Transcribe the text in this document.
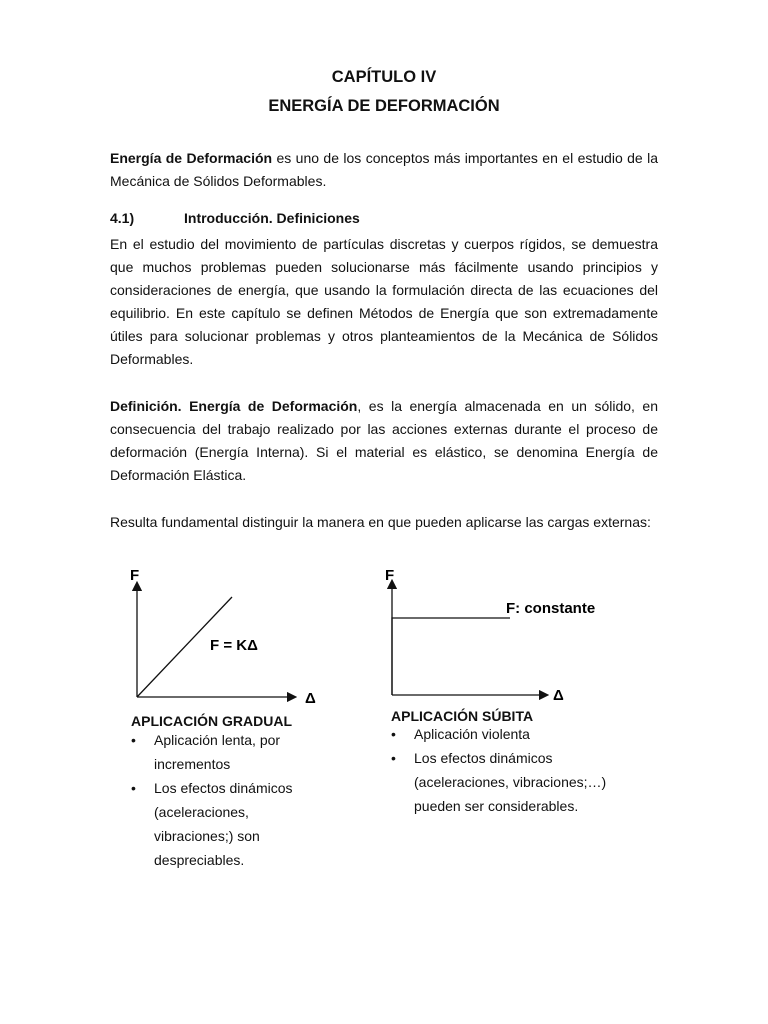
CAPÍTULO IV
ENERGÍA DE DEFORMACIÓN
Energía de Deformación es uno de los conceptos más importantes en el estudio de la Mecánica de Sólidos Deformables.
4.1)	Introducción. Definiciones
En el estudio del movimiento de partículas discretas y cuerpos rígidos, se demuestra que muchos problemas pueden solucionarse más fácilmente usando principios y consideraciones de energía, que usando la formulación directa de las ecuaciones del equilibrio. En este capítulo se definen Métodos de Energía que son extremadamente útiles para solucionar problemas y otros planteamientos de la Mecánica de Sólidos Deformables.
Definición. Energía de Deformación, es la energía almacenada en un sólido, en consecuencia del trabajo realizado por las acciones externas durante el proceso de deformación (Energía Interna). Si el material es elástico, se denomina Energía de Deformación Elástica.
Resulta fundamental distinguir la manera en que pueden aplicarse las cargas externas:
F
Δ
F = KΔ
F
Δ
F: constante
APLICACIÓN GRADUAL
• Aplicación lenta, por incrementos
• Los efectos dinámicos (aceleraciones, vibraciones;) son despreciables.
APLICACIÓN SÚBITA
• Aplicación violenta
• Los efectos dinámicos (aceleraciones, vibraciones;…) pueden ser considerables.
